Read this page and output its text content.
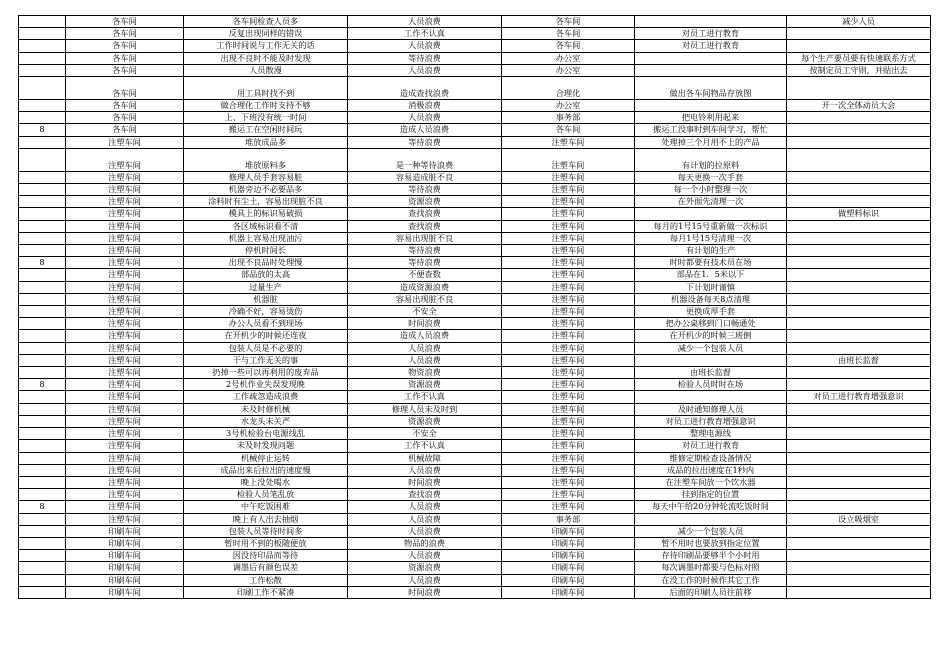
	各车间	各车间检查人员多	人员浪费	各车间		减少人员
	各车间	反复出现同样的错误	工作不认真	各车间	对员工进行教育	
	各车间	工作时间说与工作无关的话	人员浪费	各车间	对员工进行教育	
	各车间	出现不良时不能及时发现	等待浪费	办公室		每个生产要员要有快速联系方式
	各车间	人员散漫	人员浪费	办公室		按制定员工守则，并贴出去
	各车间	用工具时找不到	造成查找浪费	合理化	做出各车间物品存放图	
	各车间	做合理化工作时支持不够	消极浪费	办公室		开一次全体动员大会
	各车间	上、下班没有统一时间	人员浪费	事务部	把电铃利用起来	
8	各车间	搬运工在空闲时间玩	造成人员浪费	各车间	搬运工没事时到车间学习，帮忙	
	注塑车间	堆放成品多	等待浪费	注塑车间	处理掉三个月用不上的产品	
	注塑车间	堆放原料多	是一种等待浪费	注塑车间	有计划的拉原料	
	注塑车间	修理人员手套容易脏	容易造成脏不良	注塑车间	每天更换一次手套	
	注塑车间	机器旁边不必要品多	等待浪费	注塑车间	每一个小时整理一次	
	注塑车间	涂料时有尘土，容易出现脏不良	资源浪费	注塑车间	在外面先清理一次	
	注塑车间	模具上的标识易破损	查找浪费	注塑车间		做塑料标识
	注塑车间	各区域标识看不清	查找浪费	注塑车间	每月的1号15号重新做一次标识	
	注塑车间	机器上容易出现油污	容易出现脏不良	注塑车间	每月1号15号清理一次	
	注塑车间	停机时间长	等待浪费	注塑车间	有计划的生产	
8	注塑车间	出现不良品时处理慢	等待浪费	注塑车间	时时都要有技术员在场	
	注塑车间	部品放的太高	不便查数	注塑车间	部品在1．5米以下	
	注塑车间	过量生产	造成资源浪费	注塑车间	下计划时谨慎	
	注塑车间	机器脏	容易出现脏不良	注塑车间	机器设备每天8点清理	
	注塑车间	冷确不好，容易烫伤	不安全	注塑车间	更换成厚手套	
	注塑车间	办公人员看不到现场	时间浪费	注塑车间	把办公桌移到门口畅通处	
	注塑车间	在开机少的时候还连夜	造成人员浪费	注塑车间	在开机少的时候三班倒	
	注塑车间	包装人员是不必要的	人员浪费	注塑车间	减少一个包装人员	
	注塑车间	干与工作无关的事	人员浪费	注塑车间		由班长监督
	注塑车间	扔掉一些可以再利用的废弃品	物资浪费	注塑车间	由班长监督	
8	注塑车间	2号机作业失误发现晚	资源浪费	注塑车间	检验人员时时在场	
	注塑车间	工作疏忽造成浪费	工作不认真	注塑车间		对员工进行教育增强意识
	注塑车间	未及时修机械	修理人员未及时到	注塑车间	及时通知修理人员	
	注塑车间	水龙头未关严	资源浪费	注塑车间	对员工进行教育增强意识	
	注塑车间	3号机检验台电源线乱	不安全	注塑车间	整理电源线	
	注塑车间	未及时发现问题	工作不认真	注塑车间	对员工进行教育	
	注塑车间	机械停止运转	机械故障	注塑车间	维修定期检查设备情况	
	注塑车间	成品出来后拉出的速度慢	人员浪费	注塑车间	成品的拉出速度在1秒内	
	注塑车间	晚上没处喝水	时间浪费	注塑车间	在注塑车间放一个饮水器	
	注塑车间	检验人员笔乱放	查找浪费	注塑车间	挂到指定的位置	
8	注塑车间	中午吃饭困难	人员浪费	注塑车间	每天中午给20分钟轮流吃饭时间	
	注塑车间	晚上有人出去抽烟	人员浪费	事务部		设立吸烟室
	印刷车间	包装人员等待时间多	人员浪费	印刷车间	减少一个包装人员	
	印刷车间	暂时用不到的板随便放	物品的浪费	印刷车间	暂不用时也要放到指定位置	
	印刷车间	因没待印品而等待	人员浪费	印刷车间	存待印刷品要够半个小时用	
	印刷车间	调墨后有颜色误差	资源浪费	印刷车间	每次调墨时都要与色标对照	
	印刷车间	工作松散	人员浪费	印刷车间	在没工作的时候作其它工作	
	印刷车间	印刷工作不紧凑	时间浪费	印刷车间	后面的印刷人员往前移	
